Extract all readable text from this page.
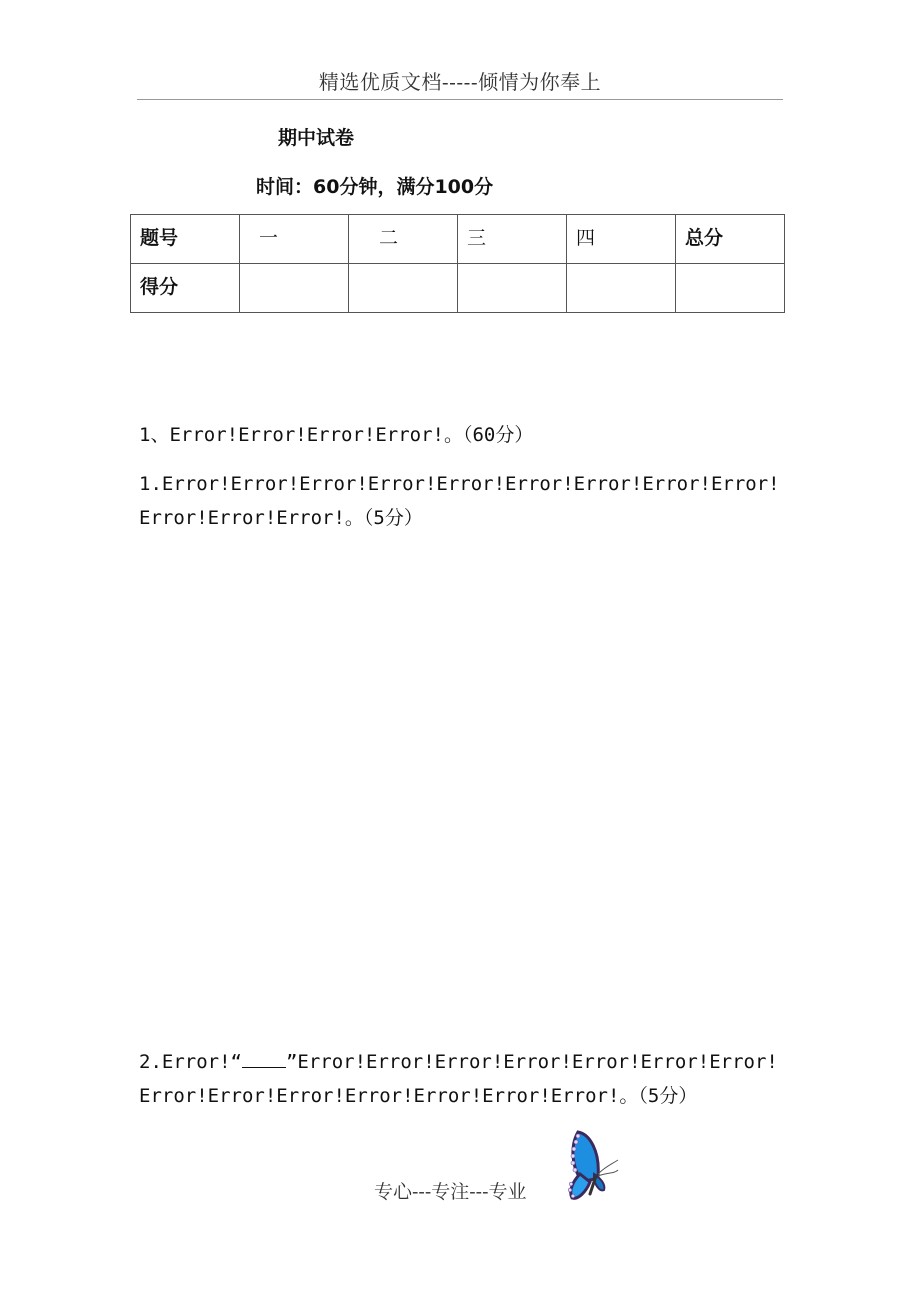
精选优质文档-----倾情为你奉上
期中试卷
时间：60分钟，满分100分
题号	一	二	三	四	总分

得分					

1、Error!Error!Error!Error!。（60分）
1.Error!Error!Error!Error!Error!Error!Error!Error!Error!Error!Error!Error!。（5分）
2.Error!“ ”Error!Error!Error!Error!Error!Error!Error!Error!Error!Error!Error!Error!Error!Error!。（5分）
专心---专注---专业
